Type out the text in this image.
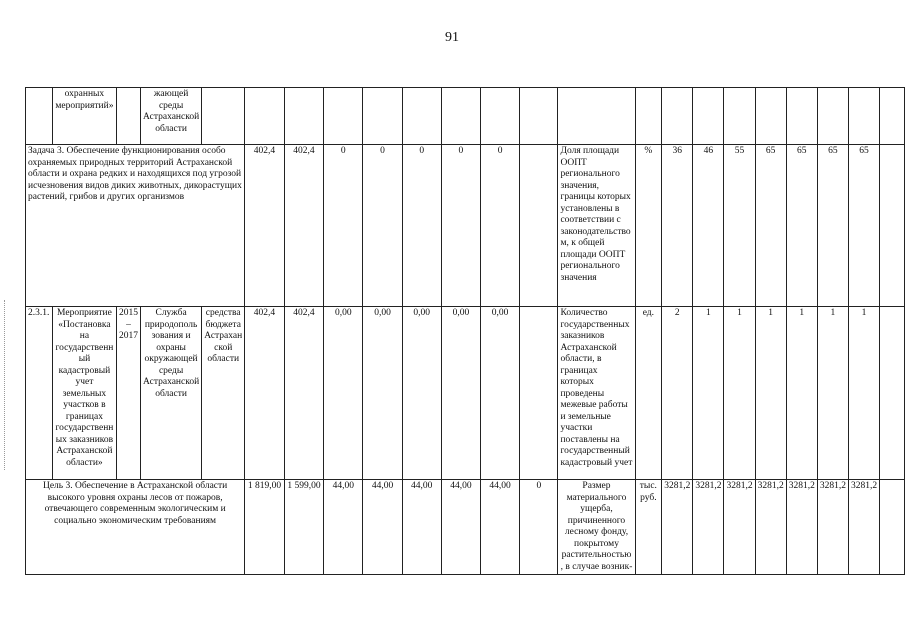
91
	охранных мероприятий»		жающей среды Астраханской области																			
Задача 3. Обеспечение функционирования особо охраняемых природных территорий Астраханской области и охрана редких и находящихся под угрозой исчезновения видов диких животных, дикорастущих растений, грибов и других организмов					402,4	402,4	0	0	0	0	0		Доля площади ООПТ регионального значения, границы которых установлены в соответствии с законодательством, к общей площади ООПТ регионального значения	%	36	46	55	65	65	65	65	
2.3.1.	Мероприятие «Постановка на государственный кадастровый учет земельных участков в границах государственных заказников Астраханской области»	2015 – 2017	Служба природопользования и охраны окружающей среды Астраханской области	средства бюджета Астраханской области	402,4	402,4	0,00	0,00	0,00	0,00	0,00		Количество государственных заказников Астраханской области, в границах которых проведены межевые работы и земельные участки поставлены на государственный кадастровый учет	ед.	2	1	1	1	1	1	1	
Цель 3. Обеспечение в Астраханской области высокого уровня охраны лесов от пожаров, отвечающего современным экологическим и социально экономическим требованиям					1 819,00	1 599,00	44,00	44,00	44,00	44,00	44,00	0	Размер материального ущерба, причиненного лесному фонду, покрытому растительностью, в случае возник-	тыс. руб.	3281,2	3281,2	3281,2	3281,2	3281,2	3281,2	3281,2	
